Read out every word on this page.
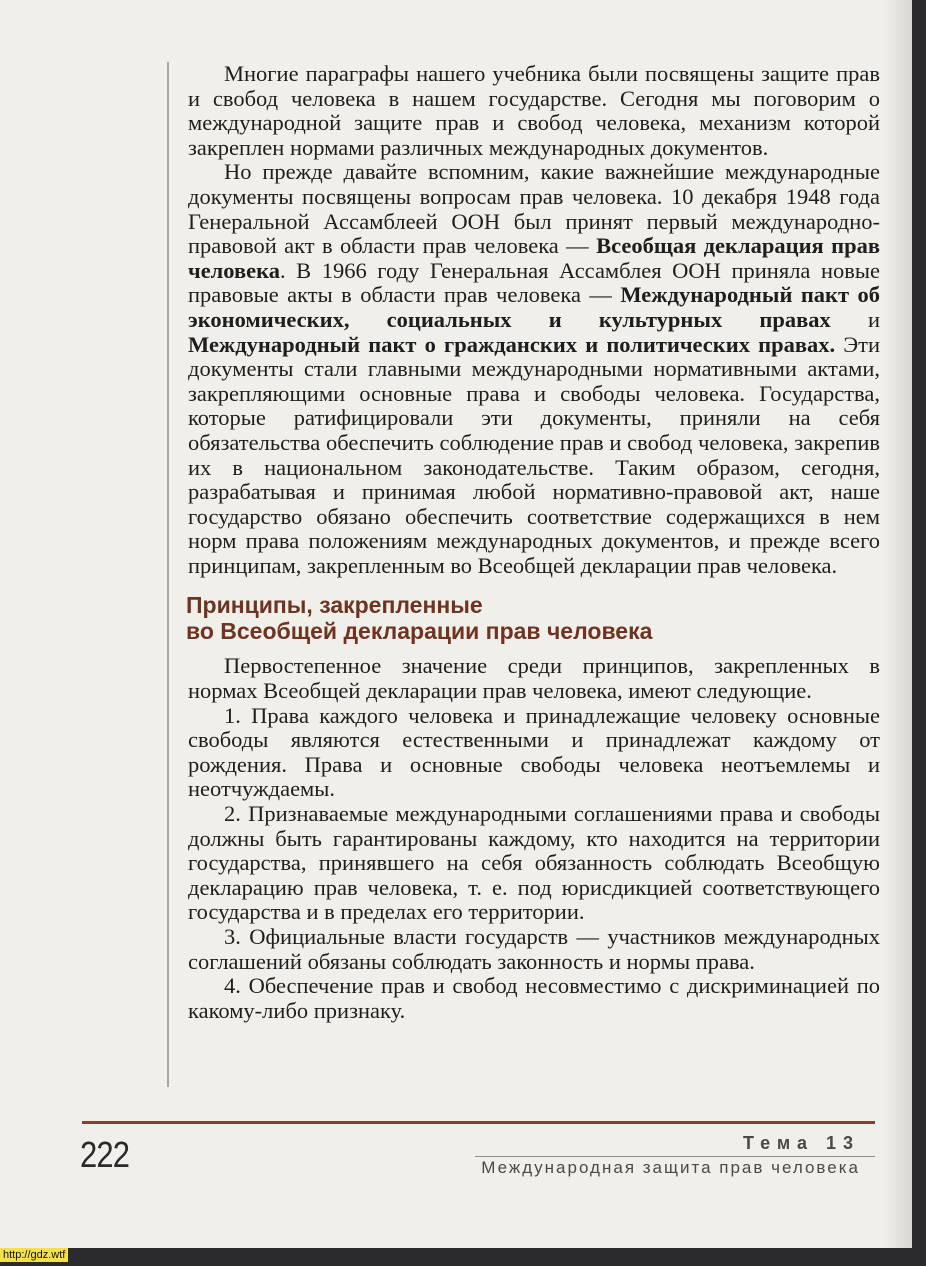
Многие параграфы нашего учебника были посвящены защите прав и свобод человека в нашем государстве. Сегодня мы поговорим о международной защите прав и свобод человека, механизм которой закреплен нормами различных международных документов.

Но прежде давайте вспомним, какие важнейшие международные документы посвящены вопросам прав человека. 10 декабря 1948 года Генеральной Ассамблеей ООН был принят первый международно-правовой акт в области прав человека — Всеобщая декларация прав человека. В 1966 году Генеральная Ассамблея ООН приняла новые правовые акты в области прав человека — Международный пакт об экономических, социальных и культурных правах и Международный пакт о гражданских и политических правах. Эти документы стали главными международными нормативными актами, закрепляющими основные права и свободы человека. Государства, которые ратифицировали эти документы, приняли на себя обязательства обеспечить соблюдение прав и свобод человека, закрепив их в национальном законодательстве. Таким образом, сегодня, разрабатывая и принимая любой нормативно-правовой акт, наше государство обязано обеспечить соответствие содержащихся в нем норм права положениям международных документов, и прежде всего принципам, закрепленным во Всеобщей декларации прав человека.

Принципы, закрепленные
во Всеобщей декларации прав человека

Первостепенное значение среди принципов, закрепленных в нормах Всеобщей декларации прав человека, имеют следующие.

1. Права каждого человека и принадлежащие человеку основные свободы являются естественными и принадлежат каждому от рождения. Права и основные свободы человека неотъемлемы и неотчуждаемы.

2. Признаваемые международными соглашениями права и свободы должны быть гарантированы каждому, кто находится на территории государства, принявшего на себя обязанность соблюдать Всеобщую декларацию прав человека, т. е. под юрисдикцией соответствующего государства и в пределах его территории.

3. Официальные власти государств — участников международных соглашений обязаны соблюдать законность и нормы права.

4. Обеспечение прав и свобод несовместимо с дискриминацией по какому-либо признаку.

222	Тема 13
Международная защита прав человека
http://gdz.wtf
